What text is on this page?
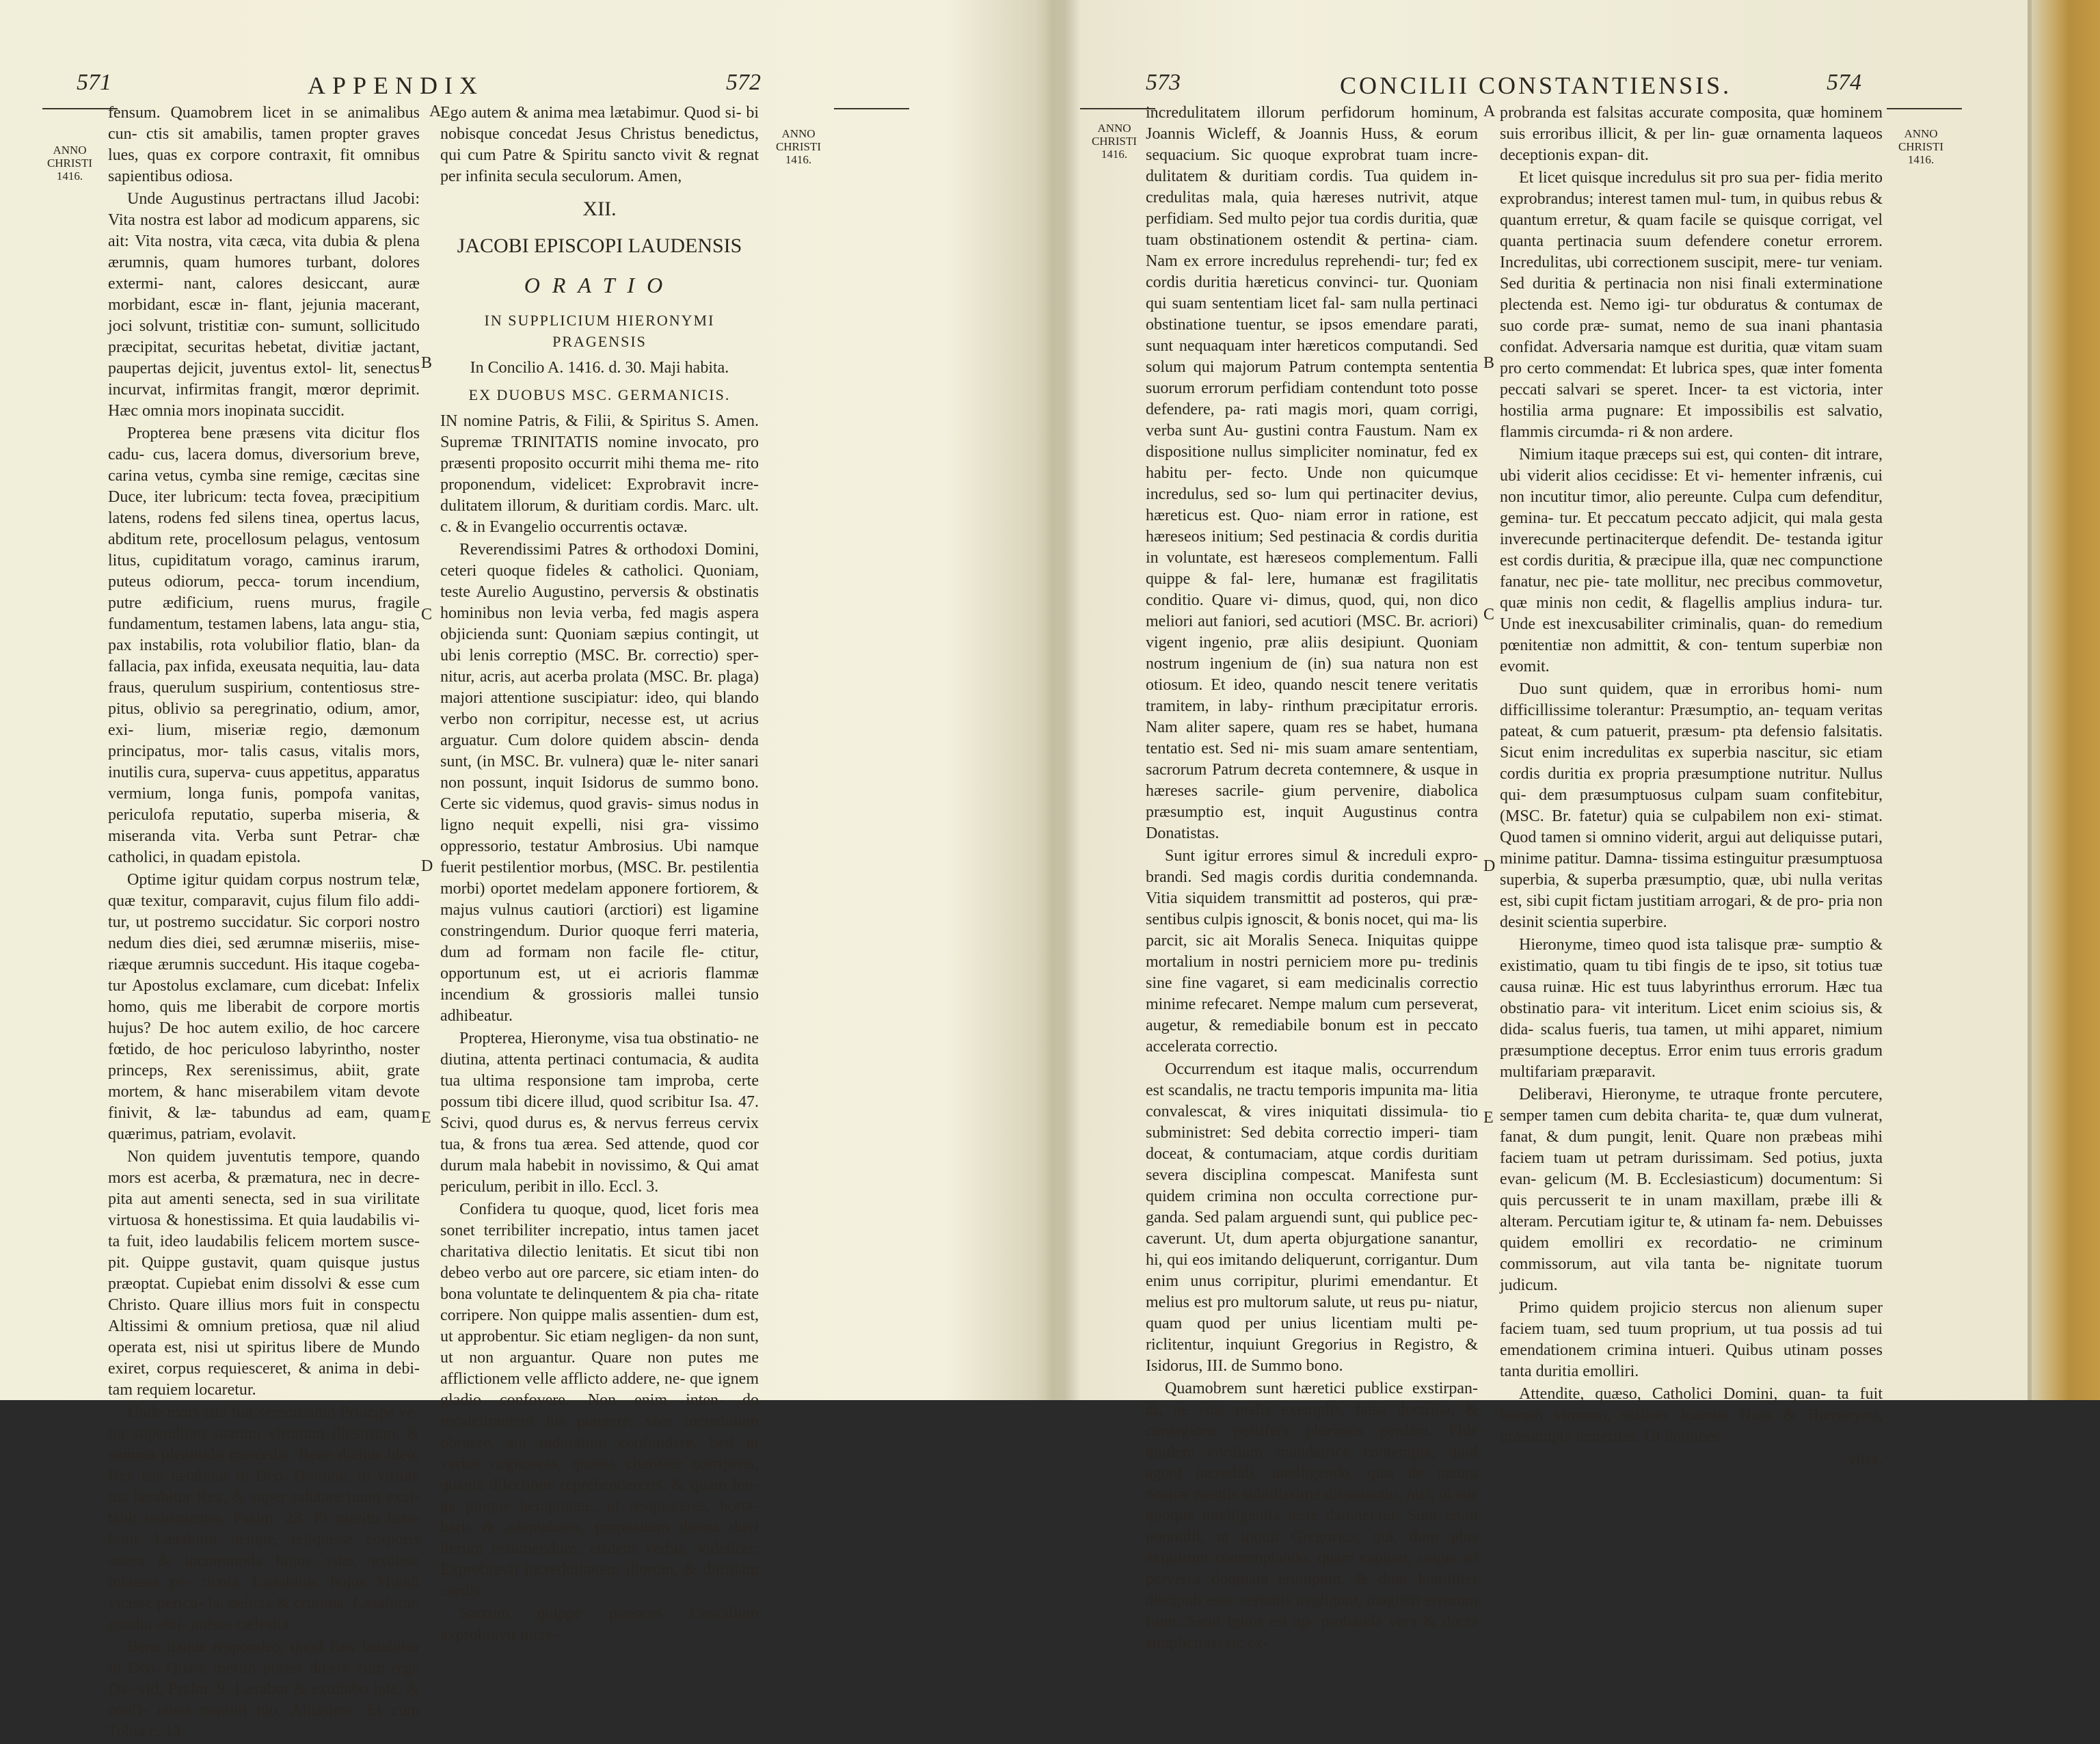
571	APPENDIX	572
ANNO CHRISTI 1416.
ANNO CHRISTI 1416.
A
B
C
D
E

fensum. Quamobrem licet in se animalibus cun- ctis sit amabilis, tamen propter graves lues, quas ex corpore contraxit, fit omnibus sapientibus odiosa.

Unde Augustinus pertractans illud Jacobi: Vita nostra est labor ad modicum apparens, sic ait: Vita nostra, vita cæca, vita dubia & plena ærumnis, quam humores turbant, dolores extermi- nant, calores desiccant, auræ morbidant, escæ in- flant, jejunia macerant, joci solvunt, tristitiæ con- sumunt, sollicitudo præcipitat, securitas hebetat, divitiæ jactant, paupertas dejicit, juventus extol- lit, senectus incurvat, infirmitas frangit, mœror deprimit. Hæc omnia mors inopinata succidit.

Propterea bene præsens vita dicitur flos cadu- cus, lacera domus, diversorium breve, carina vetus, cymba sine remige, cæcitas sine Duce, iter lubricum: tecta fovea, præcipitium latens, rodens fed silens tinea, opertus lacus, abditum rete, procellosum pelagus, ventosum litus, cupiditatum vorago, caminus irarum, puteus odiorum, pecca- torum incendium, putre ædificium, ruens murus, fragile fundamentum, testamen labens, lata angu- stia, pax instabilis, rota volubilior flatio, blan- da fallacia, pax infida, exeusata nequitia, lau- data fraus, querulum suspirium, contentiosus stre- pitus, oblivio sa peregrinatio, odium, amor, exi- lium, miseriæ regio, dæmonum principatus, mor- talis casus, vitalis mors, inutilis cura, superva- cuus appetitus, apparatus vermium, longa funis, pompofa vanitas, periculofa reputatio, superba miseria, & miseranda vita. Verba sunt Petrar- chæ catholici, in quadam epistola.

Optime igitur quidam corpus nostrum telæ, quæ texitur, comparavit, cujus filum filo addi- tur, ut postremo succidatur. Sic corpori nostro nedum dies diei, sed ærumnæ miseriis, mise- riæque ærumnis succedunt. His itaque cogeba- tur Apostolus exclamare, cum dicebat: Infelix homo, quis me liberabit de corpore mortis hujus? De hoc autem exilio, de hoc carcere fœtido, de hoc periculoso labyrintho, noster princeps, Rex serenissimus, abiit, grate mortem, & hanc miserabilem vitam devote finivit, & læ- tabundus ad eam, quam quærimus, patriam, evolavit.

Non quidem juventutis tempore, quando mors est acerba, & præmatura, nec in decre- pita aut amenti senecta, sed in sua virilitate virtuosa & honestissima. Et quia laudabilis vi- ta fuit, ideo laudabilis felicem mortem susce- pit. Quippe gustavit, quam quisque justus præoptat. Cupiebat enim dissolvi & esse cum Christo. Quare illius mors fuit in conspectu Altissimi & omnium pretiosa, quæ nil aliud operata est, nisi ut spiritus libere de Mundo exiret, corpus requiesceret, & anima in debi- tam requiem locaretur.

Unde mors ista fuit serenissimo Principe ve- lut stipendium suarum virtutum illustrium, & summa plenitudo mercedis. Bene dicitur ideo: Rex iste lætabitur in Deo. Domine, in virtute tua lætabitur Rex, & super salutare tuum exul- tabit vehementer, Psalm. 28. Et merito læta- bitur. Lætabitur nempe, reliquisse corporis onera & incommoda hujus vitæ, exuisse infausta pe- ricula. Lætabitur, hujus Mundi vicisse pericu- la, delicta & crimina. Lætabitur, gaudia obti- nuisse cælestia.

Bene itaque respondeo, quod Rex lætabitur in Deo. Quare merito potest dicere cum rege Da- vid, Psalm. 9. Lætabor & exultabo inte, & confi- tebor nomini tuo, Altissime. Et cum Tobia c. 13.

Ego autem & anima mea lætabimur. Quod si- bi nobisque concedat Jesus Christus benedictus, qui cum Patre & Spiritu sancto vivit & regnat per infinita secula seculorum. Amen,

XII.

JACOBI EPISCOPI LAUDENSIS

ORATIO

IN SUPPLICIUM HIERONYMI PRAGENSIS

In Concilio A. 1416. d. 30. Maji habita.

EX DUOBUS MSC. GERMANICIS.

IN nomine Patris, & Filii, & Spiritus S. Amen. Supremæ TRINITATIS nomine invocato, pro præsenti proposito occurrit mihi thema me- rito proponendum, videlicet: Exprobravit incre- dulitatem illorum, & duritiam cordis. Marc. ult. c. & in Evangelio occurrentis octavæ.

Reverendissimi Patres & orthodoxi Domini, ceteri quoque fideles & catholici. Quoniam, teste Aurelio Augustino, perversis & obstinatis hominibus non levia verba, fed magis aspera objicienda sunt: Quoniam sæpius contingit, ut ubi lenis correptio (MSC. Br. correctio) sper- nitur, acris, aut acerba prolata (MSC. Br. plaga) majori attentione suscipiatur: ideo, qui blando verbo non corripitur, necesse est, ut acrius arguatur. Cum dolore quidem abscin- denda sunt, (in MSC. Br. vulnera) quæ le- niter sanari non possunt, inquit Isidorus de summo bono. Certe sic videmus, quod gravis- simus nodus in ligno nequit expelli, nisi gra- vissimo oppressorio, testatur Ambrosius. Ubi namque fuerit pestilentior morbus, (MSC. Br. pestilentia morbi) oportet medelam apponere fortiorem, & majus vulnus cautiori (arctiori) est ligamine constringendum. Durior quoque ferri materia, dum ad formam non facile fle- ctitur, opportunum est, ut ei acrioris flammæ incendium & grossioris mallei tunsio adhibeatur.

Propterea, Hieronyme, visa tua obstinatio- ne diutina, attenta pertinaci contumacia, & audita tua ultima responsione tam improba, certe possum tibi dicere illud, quod scribitur Isa. 47. Scivi, quod durus es, & nervus ferreus cervix tua, & frons tua ærea. Sed attende, quod cor durum mala habebit in novissimo, & Qui amat periculum, peribit in illo. Eccl. 3.

Confidera tu quoque, quod, licet foris mea sonet terribiliter increpatio, intus tamen jacet charitativa dilectio lenitatis. Et sicut tibi non debeo verbo aut ore parcere, sic etiam inten- do bona voluntate te delinquentem & pia cha- ritate corripere. Non quippe malis assentien- dum est, ut approbentur. Sic etiam negligen- da non sunt, ut non arguantur. Quare non putes me afflictionem velle afflicto addere, ne- que ignem gladio confovere. Non enim inten- do recalcitrantem his pungere, sive incredulum obruere, aut induratum confundere. Sed ut verius cognoscas, quanta charitate corriperis, quanta dilectione reprehendereris, & quam lon- ga pinque benignitate, ut resipisceres, horta- baris & adoptabaris, propositum thema duxi iterum resumendum, eisdem verbis, videlicet: Exprobravit incredulitatem illorum, & duritiam cordis.

Sacrum quippe præsens Concilium exprobravit incre-

573	CONCILII CONSTANTIENSIS.	574
ANNO CHRISTI 1416.
ANNO CHRISTI 1416.
A
B
C
D
E

incredulitatem illorum perfidorum hominum, Joannis Wicleff, & Joannis Huss, & eorum sequacium. Sic quoque exprobrat tuam incre- dulitatem & duritiam cordis. Tua quidem in- credulitas mala, quia hæreses nutrivit, atque perfidiam. Sed multo pejor tua cordis duritia, quæ tuam obstinationem ostendit & pertina- ciam. Nam ex errore incredulus reprehendi- tur; fed ex cordis duritia hæreticus convinci- tur. Quoniam qui suam sententiam licet fal- sam nulla pertinaci obstinatione tuentur, se ipsos emendare parati, sunt nequaquam inter hæreticos computandi. Sed solum qui majorum Patrum contempta sententia suorum errorum perfidiam contendunt toto posse defendere, pa- rati magis mori, quam corrigi, verba sunt Au- gustini contra Faustum. Nam ex dispositione nullus simpliciter nominatur, fed ex habitu per- fecto. Unde non quicumque incredulus, sed so- lum qui pertinaciter devius, hæreticus est. Quo- niam error in ratione, est hæreseos initium; Sed pestinacia & cordis duritia in voluntate, est hæreseos complementum. Falli quippe & fal- lere, humanæ est fragilitatis conditio. Quare vi- dimus, quod, qui, non dico meliori aut faniori, sed acutiori (MSC. Br. acriori) vigent ingenio, præ aliis desipiunt. Quoniam nostrum ingenium de (in) sua natura non est otiosum. Et ideo, quando nescit tenere veritatis tramitem, in laby- rinthum præcipitatur erroris. Nam aliter sapere, quam res se habet, humana tentatio est. Sed ni- mis suam amare sententiam, sacrorum Patrum decreta contemnere, & usque in hæreses sacrile- gium pervenire, diabolica præsumptio est, inquit Augustinus contra Donatistas.

Sunt igitur errores simul & increduli expro- brandi. Sed magis cordis duritia condemnanda. Vitia siquidem transmittit ad posteros, qui præ- sentibus culpis ignoscit, & bonis nocet, qui ma- lis parcit, sic ait Moralis Seneca. Iniquitas quippe mortalium in nostri perniciem more pu- tredinis sine fine vagaret, si eam medicinalis correctio minime refecaret. Nempe malum cum perseverat, augetur, & remediabile bonum est in peccato accelerata correctio.

Occurrendum est itaque malis, occurrendum est scandalis, ne tractu temporis impunita ma- litia convalescat, & vires iniquitati dissimula- tio subministret: Sed debita correctio imperi- tiam doceat, & contumaciam, atque cordis duritiam severa disciplina compescat. Manifesta sunt quidem crimina non occulta correctione pur- ganda. Sed palam arguendi sunt, qui publice pec- caverunt. Ut, dum aperta objurgatione sanantur, hi, qui eos imitando deliquerunt, corrigantur. Dum enim unus corripitur, plurimi emendantur. Et melius est pro multorum salute, ut reus pu- niatur, quam quod per unius licentiam multi pe- riclitentur, inquiunt Gregorius in Registro, & Isidorus, III. de Summo bono.

Quamobrem sunt hæretici publice exstirpan- di, ne suis malis exemplis, falsa doctrina, & contagione pestifera plurimos perdant. Fide quidem cordium mundatrice contempta, quid agunt increduli, intelligendo, quæ de natura nostræ mentis subtilissime disputantur, nisi, ut sua quoque intelligentia teste damnentur. Sunt enim nonnulli, ut inquit Gregorius, qui, dum plus exquirunt contemplando, quam capiunt, usque ad perversa dogmata erumpunt, & dum humiliter discipuli esse veritatis negligunt, magistri errorum fiunt. Sicut igitur est ap- probanda vera & docta simplicitas: sic ex-

probranda est falsitas accurate composita, quæ hominem suis erroribus illicit, & per lin- guæ ornamenta laqueos deceptionis expan- dit.

Et licet quisque incredulus sit pro sua per- fidia merito exprobrandus; interest tamen mul- tum, in quibus rebus & quantum erretur, & quam facile se quisque corrigat, vel quanta pertinacia suum defendere conetur errorem. Incredulitas, ubi correctionem suscipit, mere- tur veniam. Sed duritia & pertinacia non nisi finali exterminatione plectenda est. Nemo igi- tur obduratus & contumax de suo corde præ- sumat, nemo de sua inani phantasia confidat. Adversaria namque est duritia, quæ vitam suam pro certo commendat: Et lubrica spes, quæ inter fomenta peccati salvari se speret. Incer- ta est victoria, inter hostilia arma pugnare: Et impossibilis est salvatio, flammis circumda- ri & non ardere.

Nimium itaque præceps sui est, qui conten- dit intrare, ubi viderit alios cecidisse: Et vi- hementer infrænis, cui non incutitur timor, alio pereunte. Culpa cum defenditur, gemina- tur. Et peccatum peccato adjicit, qui mala gesta inverecunde pertinaciterque defendit. De- testanda igitur est cordis duritia, & præcipue illa, quæ nec compunctione fanatur, nec pie- tate mollitur, nec precibus commovetur, quæ minis non cedit, & flagellis amplius indura- tur. Unde est inexcusabiliter criminalis, quan- do remedium pœnitentiæ non admittit, & con- tentum superbiæ non evomit.

Duo sunt quidem, quæ in erroribus homi- num difficillissime tolerantur: Præsumptio, an- tequam veritas pateat, & cum patuerit, præsum- pta defensio falsitatis. Sicut enim incredulitas ex superbia nascitur, sic etiam cordis duritia ex propria præsumptione nutritur. Nullus qui- dem præsumptuosus culpam suam confitebitur, (MSC. Br. fatetur) quia se culpabilem non exi- stimat. Quod tamen si omnino viderit, argui aut deliquisse putari, minime patitur. Damna- tissima estinguitur præsumptuosa superbia, & superba præsumptio, quæ, ubi nulla veritas est, sibi cupit fictam justitiam arrogari, & de pro- pria non desinit scientia superbire.

Hieronyme, timeo quod ista talisque præ- sumptio & existimatio, quam tu tibi fingis de te ipso, sit totius tuæ causa ruinæ. Hic est tuus labyrinthus errorum. Hæc tua obstinatio para- vit interitum. Licet enim scioius sis, & dida- scalus fueris, tua tamen, ut mihi apparet, nimium præsumptione deceptus. Error enim tuus erroris gradum multifariam præparavit.

Deliberavi, Hieronyme, te utraque fronte percutere, semper tamen cum debita charita- te, quæ dum vulnerat, fanat, & dum pungit, lenit. Quare non præbeas mihi faciem tuam ut petram durissimam. Sed potius, juxta evan- gelicum (M. B. Ecclesiasticum) documentum: Si quis percusserit te in unam maxillam, præbe illi & alteram. Percutiam igitur te, & utinam fa- nem. Debuisses quidem emolliri ex recordatio- ne criminum commissorum, aut vila tanta be- nignitate tuorum judicum.

Primo quidem projicio stercus non alienum super faciem tuam, sed tuum proprium, ut tua possis ad tui emendationem crimina intueri. Quibus utinam posses tanta duritia emolliri.

Attendite, quæso, Catholici Domini, quan- ta fuit horum virorum, scilicet Joannis Huss & Hieronymi, præsumpta temeritas. Ut homines

viles,
